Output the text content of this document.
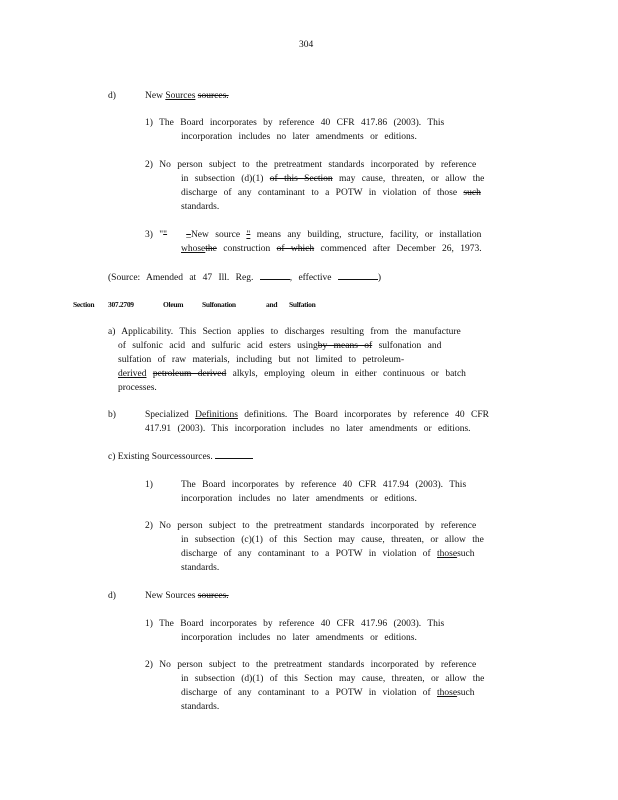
304
d)	New Sources sources.
1) The Board incorporates by reference 40 CFR 417.86 (2003). This
incorporation includes no later amendments or editions.
2) No person subject to the pretreatment standards incorporated by reference
in subsection (d)(1) of this Section may cause, threaten, or allow the
discharge of any contaminant to a POTW in violation of those such
standards.
3) "" _New source " means any building, structure, facility, or installation
whosethe construction of which commenced after December 26, 1973.
(Source: Amended at 47 Ill. Reg.	, effective	)
Section 307.2709	Oleum	Sulfonation	and Sulfation
a) Applicability. This Section applies to discharges resulting from the manufacture
of sulfonic acid and sulfuric acid esters usingby means of sulfonation and
sulfation of raw materials, including but not limited to petroleum-
derived petroleum derived alkyls, employing oleum in either continuous or batch
processes.
b)	Specialized Definitions definitions. The Board incorporates by reference 40 CFR
417.91 (2003). This incorporation includes no later amendments or editions.
c) Existing Sourcessources.
1)	The Board incorporates by reference 40 CFR 417.94 (2003). This
incorporation includes no later amendments or editions.
2) No person subject to the pretreatment standards incorporated by reference
in subsection (c)(1) of this Section may cause, threaten, or allow the
discharge of any contaminant to a POTW in violation of thosesuch
standards.
d)	New Sources sources.
1) The Board incorporates by reference 40 CFR 417.96 (2003). This
incorporation includes no later amendments or editions.
2) No person subject to the pretreatment standards incorporated by reference
in subsection (d)(1) of this Section may cause, threaten, or allow the
discharge of any contaminant to a POTW in violation of thosesuch
standards.
